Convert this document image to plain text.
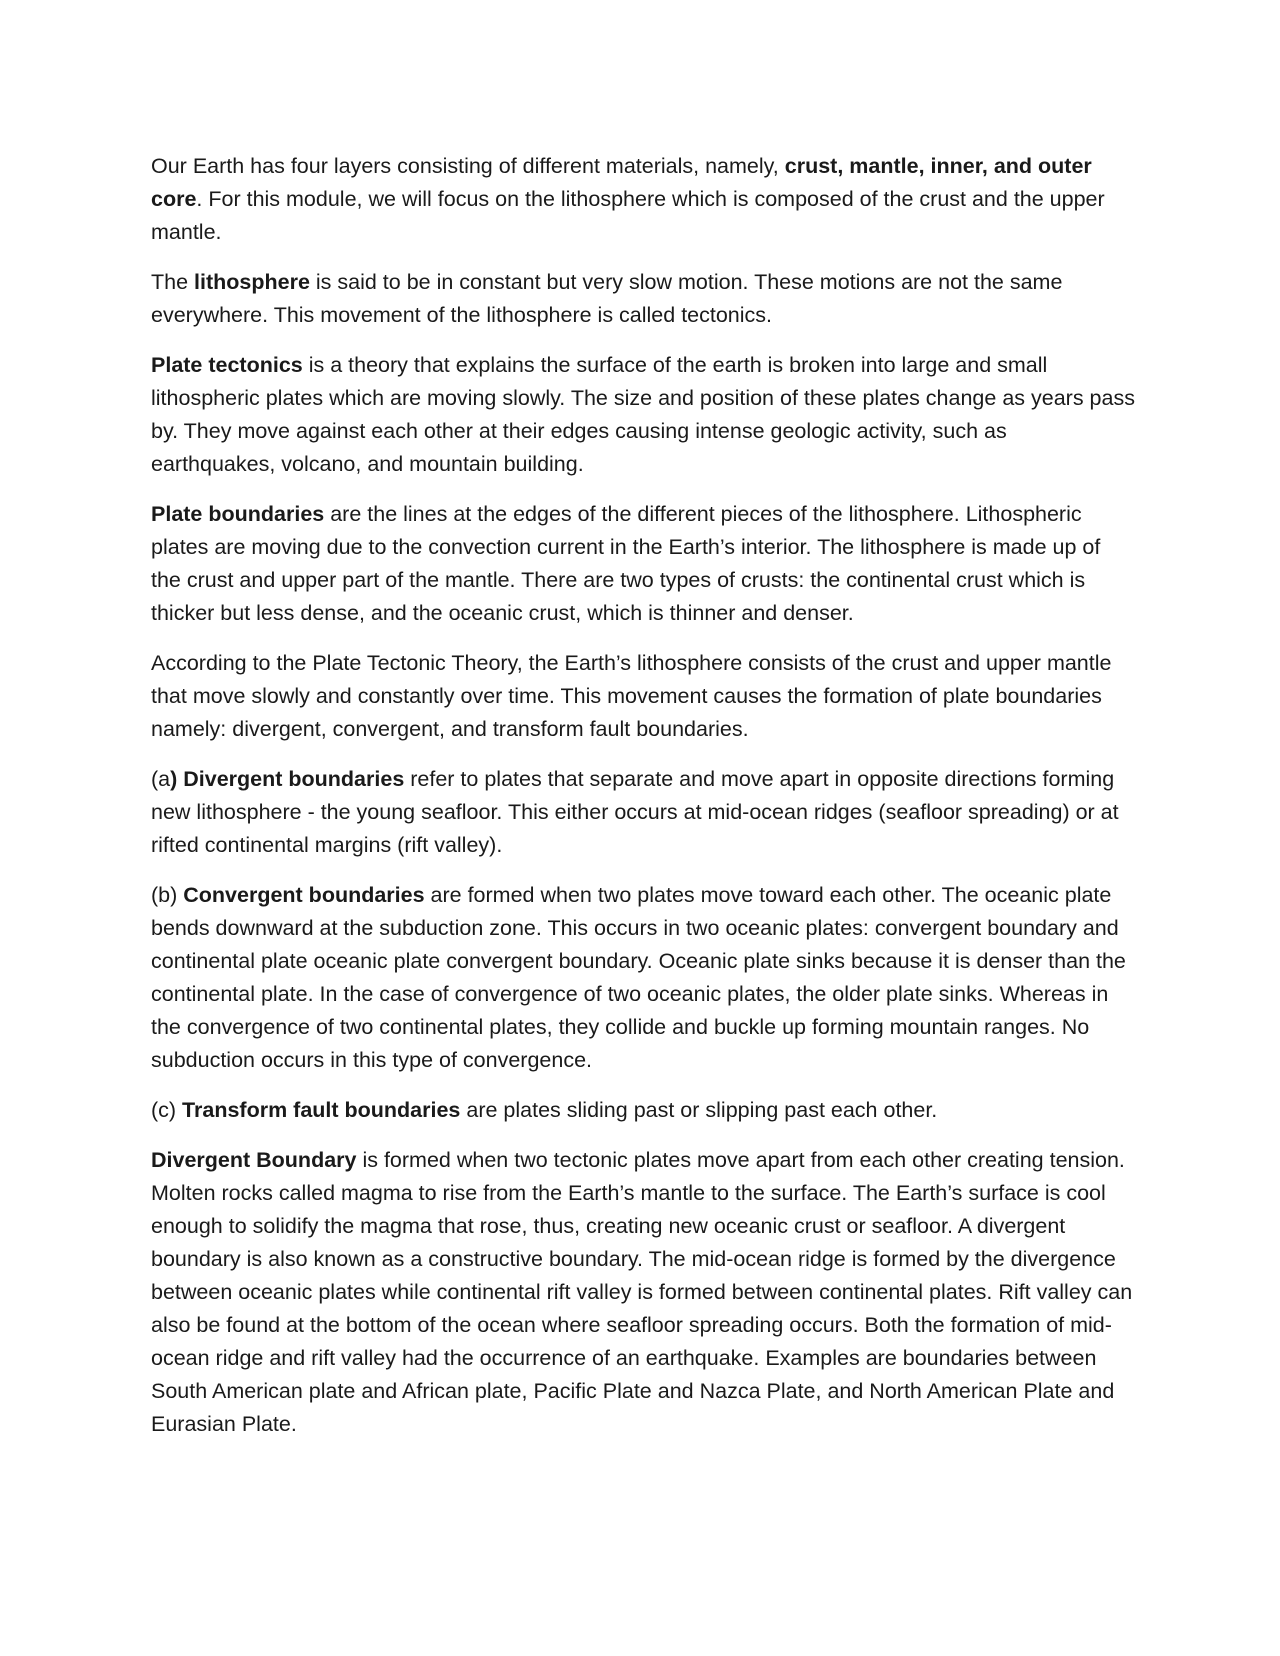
Our Earth has four layers consisting of different materials, namely, crust, mantle, inner, and outer core. For this module, we will focus on the lithosphere which is composed of the crust and the upper mantle.

The lithosphere is said to be in constant but very slow motion. These motions are not the same everywhere. This movement of the lithosphere is called tectonics.

Plate tectonics is a theory that explains the surface of the earth is broken into large and small lithospheric plates which are moving slowly. The size and position of these plates change as years pass by. They move against each other at their edges causing intense geologic activity, such as earthquakes, volcano, and mountain building.

Plate boundaries are the lines at the edges of the different pieces of the lithosphere. Lithospheric plates are moving due to the convection current in the Earth’s interior. The lithosphere is made up of the crust and upper part of the mantle. There are two types of crusts: the continental crust which is thicker but less dense, and the oceanic crust, which is thinner and denser.

According to the Plate Tectonic Theory, the Earth’s lithosphere consists of the crust and upper mantle that move slowly and constantly over time. This movement causes the formation of plate boundaries namely: divergent, convergent, and transform fault boundaries.

(a) Divergent boundaries refer to plates that separate and move apart in opposite directions forming new lithosphere - the young seafloor. This either occurs at mid-ocean ridges (seafloor spreading) or at rifted continental margins (rift valley).

(b) Convergent boundaries are formed when two plates move toward each other. The oceanic plate bends downward at the subduction zone. This occurs in two oceanic plates: convergent boundary and continental plate oceanic plate convergent boundary. Oceanic plate sinks because it is denser than the continental plate. In the case of convergence of two oceanic plates, the older plate sinks. Whereas in the convergence of two continental plates, they collide and buckle up forming mountain ranges. No subduction occurs in this type of convergence.

(c) Transform fault boundaries are plates sliding past or slipping past each other.

Divergent Boundary is formed when two tectonic plates move apart from each other creating tension. Molten rocks called magma to rise from the Earth’s mantle to the surface. The Earth’s surface is cool enough to solidify the magma that rose, thus, creating new oceanic crust or seafloor. A divergent boundary is also known as a constructive boundary. The mid-ocean ridge is formed by the divergence between oceanic plates while continental rift valley is formed between continental plates. Rift valley can also be found at the bottom of the ocean where seafloor spreading occurs. Both the formation of mid-ocean ridge and rift valley had the occurrence of an earthquake. Examples are boundaries between South American plate and African plate, Pacific Plate and Nazca Plate, and North American Plate and Eurasian Plate.
